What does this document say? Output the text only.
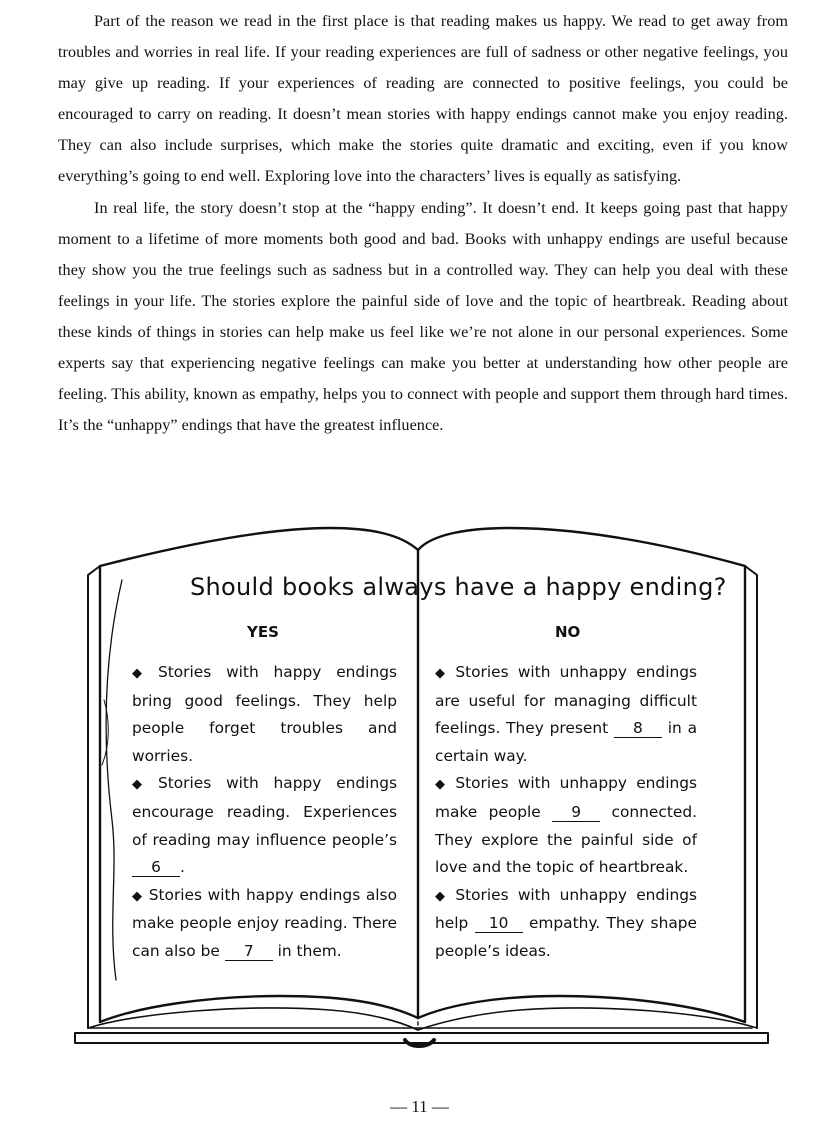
Part of the reason we read in the first place is that reading makes us happy. We read to get away from troubles and worries in real life. If your reading experiences are full of sadness or other negative feelings, you may give up reading. If your experiences of reading are connected to positive feelings, you could be encouraged to carry on reading. It doesn’t mean stories with happy endings cannot make you enjoy reading. They can also include surprises, which make the stories quite dramatic and exciting, even if you know everything’s going to end well. Exploring love into the characters’ lives is equally as satisfying.

In real life, the story doesn’t stop at the “happy ending”. It doesn’t end. It keeps going past that happy moment to a lifetime of more moments both good and bad. Books with unhappy endings are useful because they show you the true feelings such as sadness but in a controlled way. They can help you deal with these feelings in your life. The stories explore the painful side of love and the topic of heartbreak. Reading about these kinds of things in stories can help make us feel like we’re not alone in our personal experiences. Some experts say that experiencing negative feelings can make you better at understanding how other people are feeling. This ability, known as empathy, helps you to connect with people and support them through hard times. It’s the “unhappy” endings that have the greatest influence.

Should books always have a happy ending?
YES	NO

◆ Stories with happy endings bring good feelings. They help people forget troubles and worries.

◆ Stories with happy endings encourage reading. Experiences of reading may influence people’s 6 .

◆ Stories with happy endings also make people enjoy reading. There can also be 7 in them.

◆ Stories with unhappy endings are useful for managing difficult feelings. They present 8 in a certain way.

◆ Stories with unhappy endings make people 9 connected. They explore the painful side of love and the topic of heartbreak.

◆ Stories with unhappy endings help 10 empathy. They shape people’s ideas.

— 11 —
